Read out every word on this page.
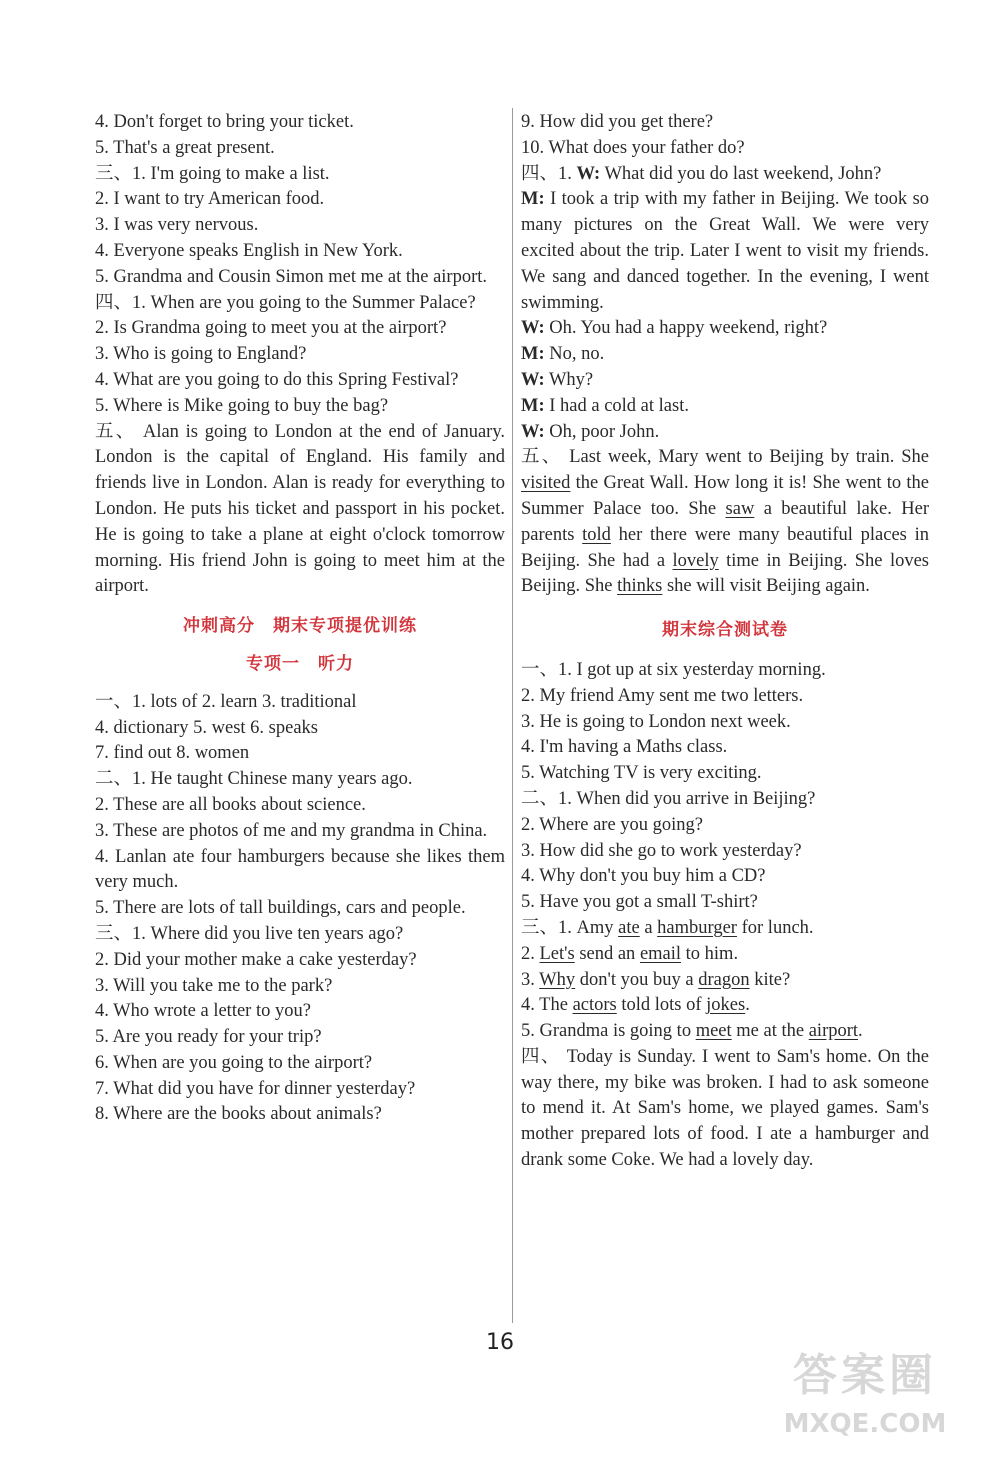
4. Don't forget to bring your ticket.
5. That's a great present.
三、1. I'm going to make a list.
2. I want to try American food.
3. I was very nervous.
4. Everyone speaks English in New York.
5. Grandma and Cousin Simon met me at the airport.
四、1. When are you going to the Summer Palace?
2. Is Grandma going to meet you at the airport?
3. Who is going to England?
4. What are you going to do this Spring Festival?
5. Where is Mike going to buy the bag?
五、 Alan is going to London at the end of January. London is the capital of England. His family and friends live in London. Alan is ready for everything to London. He puts his ticket and passport in his pocket. He is going to take a plane at eight o'clock tomorrow morning. His friend John is going to meet him at the airport.
冲刺高分 期末专项提优训练
专项一 听力
一、1. lots of 2. learn 3. traditional
4. dictionary 5. west 6. speaks
7. find out 8. women
二、1. He taught Chinese many years ago.
2. These are all books about science.
3. These are photos of me and my grandma in China.
4. Lanlan ate four hamburgers because she likes them very much.
5. There are lots of tall buildings, cars and people.
三、1. Where did you live ten years ago?
2. Did your mother make a cake yesterday?
3. Will you take me to the park?
4. Who wrote a letter to you?
5. Are you ready for your trip?
6. When are you going to the airport?
7. What did you have for dinner yesterday?
8. Where are the books about animals?
9. How did you get there?
10. What does your father do?
四、1. W: What did you do last weekend, John?
M: I took a trip with my father in Beijing. We took so many pictures on the Great Wall. We were very excited about the trip. Later I went to visit my friends. We sang and danced together. In the evening, I went swimming.
W: Oh. You had a happy weekend, right?
M: No, no.
W: Why?
M: I had a cold at last.
W: Oh, poor John.
五、 Last week, Mary went to Beijing by train. She visited the Great Wall. How long it is! She went to the Summer Palace too. She saw a beautiful lake. Her parents told her there were many beautiful places in Beijing. She had a lovely time in Beijing. She loves Beijing. She thinks she will visit Beijing again.
期末综合测试卷
一、1. I got up at six yesterday morning.
2. My friend Amy sent me two letters.
3. He is going to London next week.
4. I'm having a Maths class.
5. Watching TV is very exciting.
二、1. When did you arrive in Beijing?
2. Where are you going?
3. How did she go to work yesterday?
4. Why don't you buy him a CD?
5. Have you got a small T-shirt?
三、1. Amy ate a hamburger for lunch.
2. Let's send an email to him.
3. Why don't you buy a dragon kite?
4. The actors told lots of jokes.
5. Grandma is going to meet me at the airport.
四、 Today is Sunday. I went to Sam's home. On the way there, my bike was broken. I had to ask someone to mend it. At Sam's home, we played games. Sam's mother prepared lots of food. I ate a hamburger and drank some Coke. We had a lovely day.
16
答案圈
MXQE.COM
